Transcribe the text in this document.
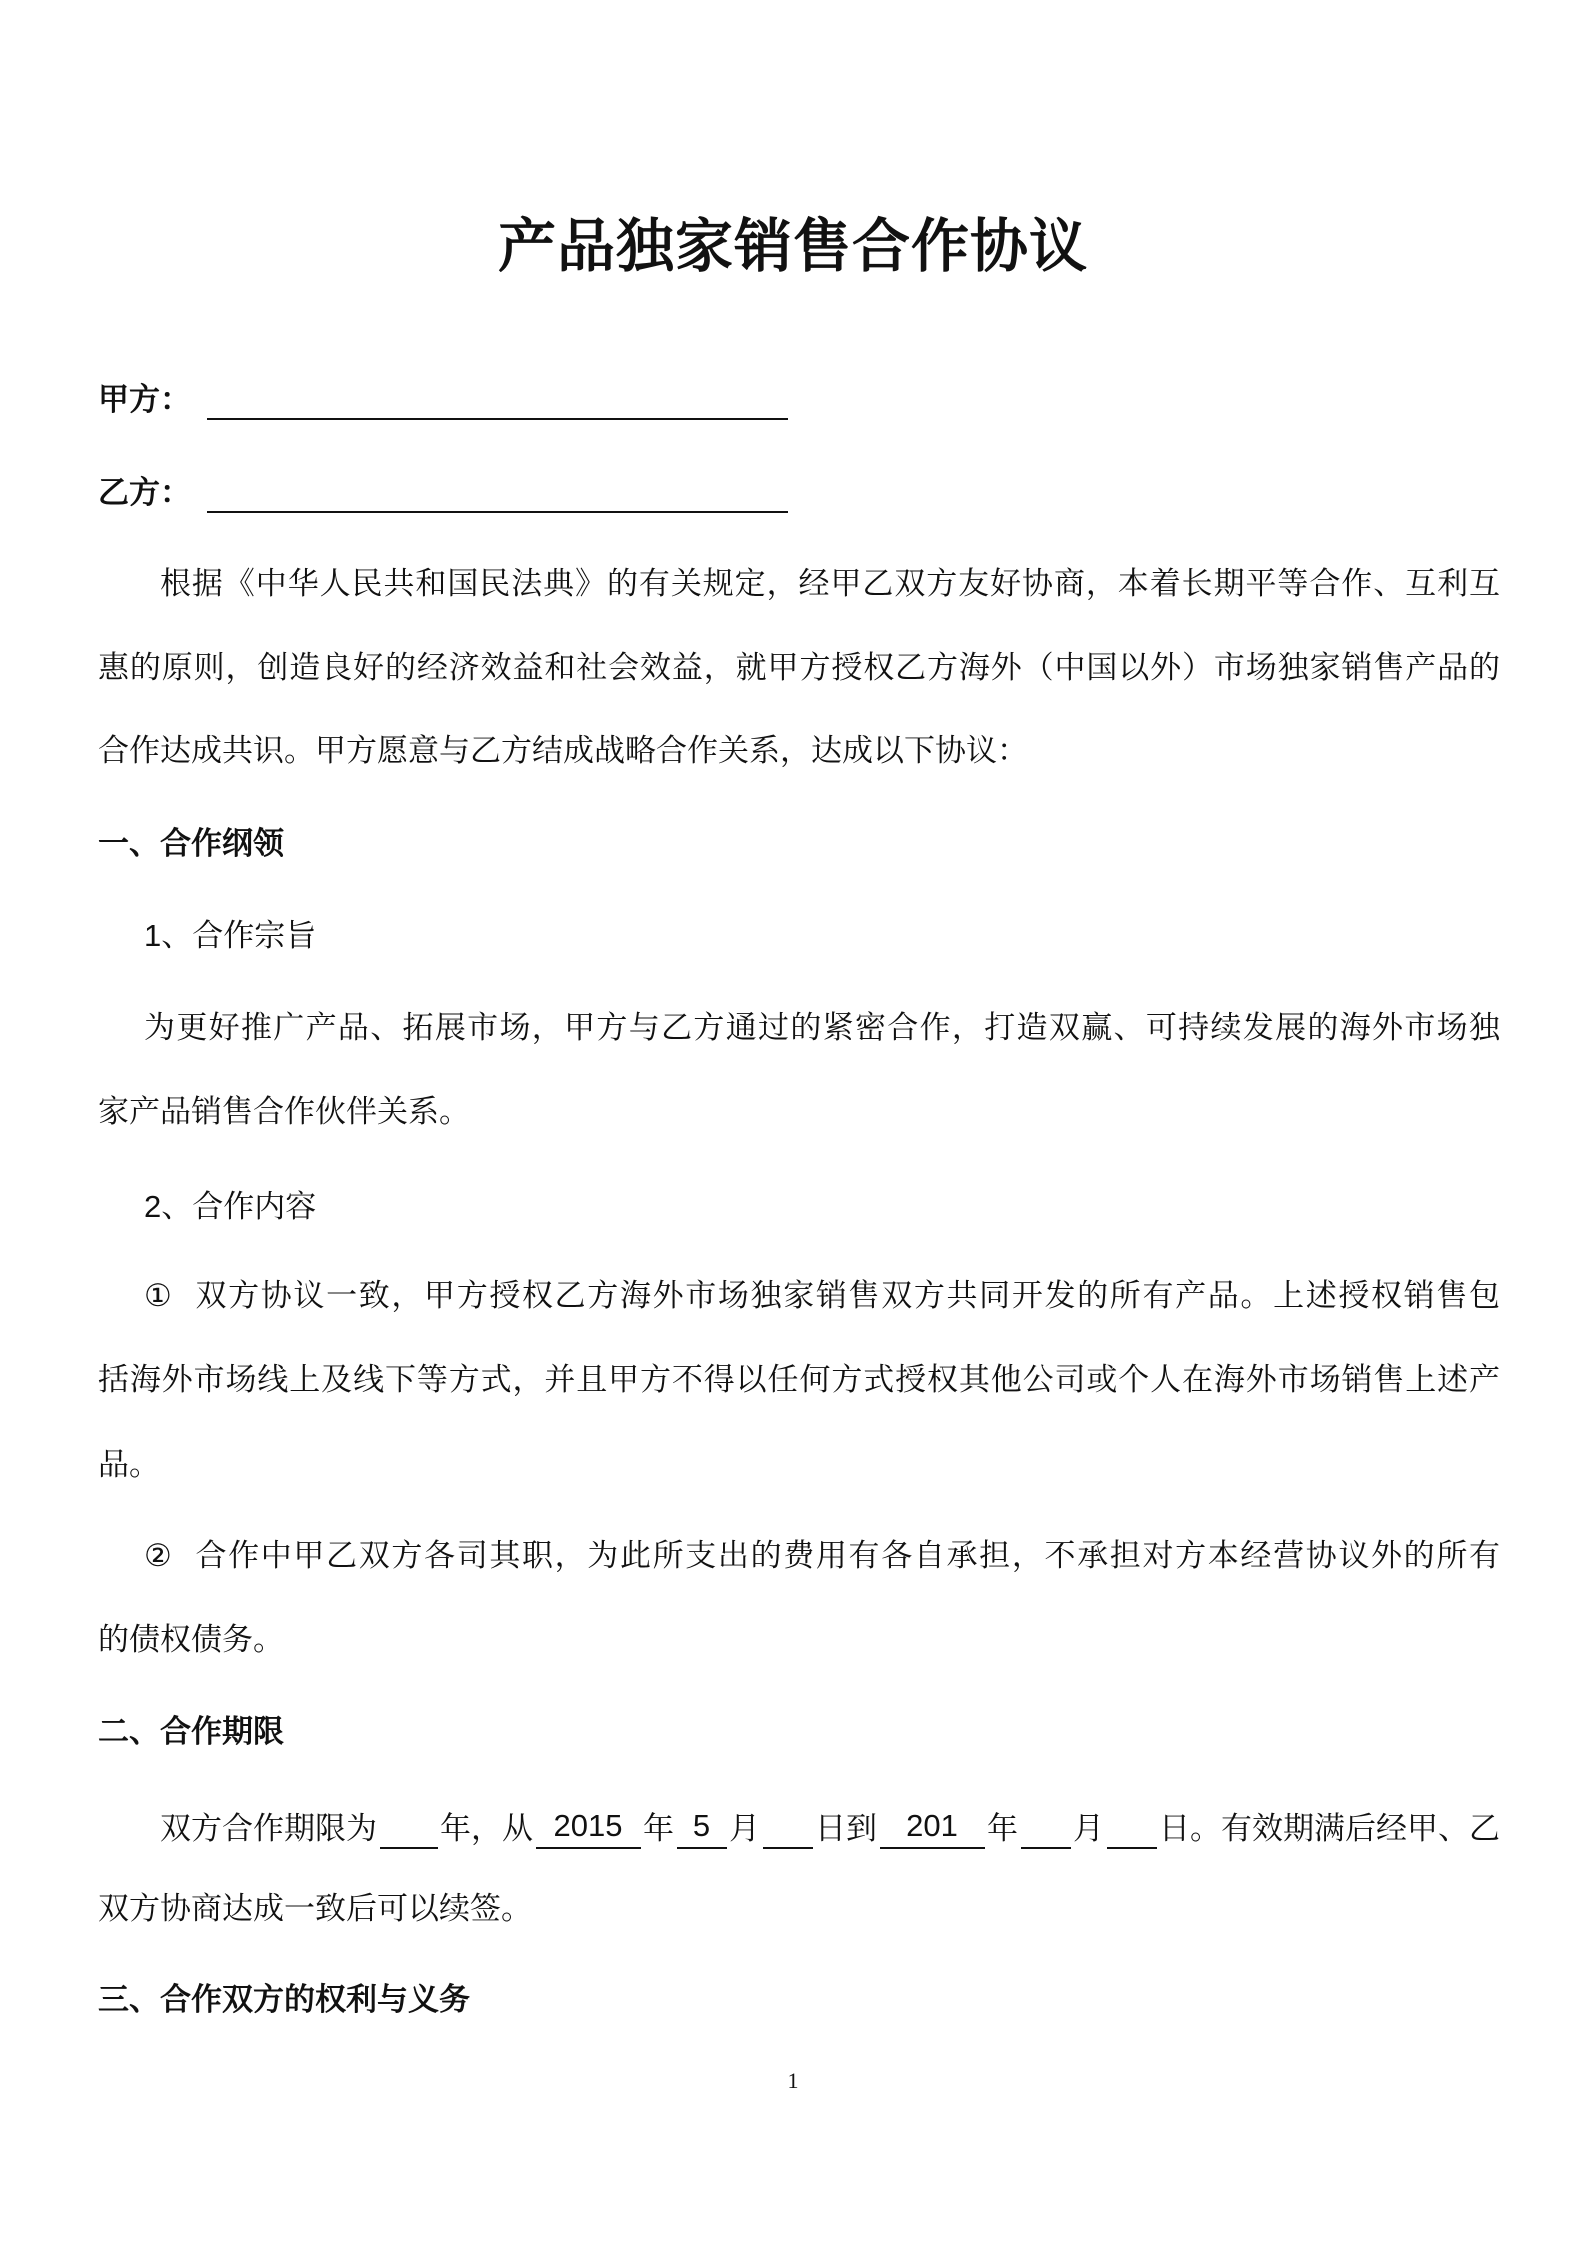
产品独家销售合作协议
甲方：
乙方：
根据《中华人民共和国民法典》的有关规定，经甲乙双方友好协商，本着长期平等合作、互利互
惠的原则，创造良好的经济效益和社会效益，就甲方授权乙方海外（中国以外）市场独家销售产品的
合作达成共识。甲方愿意与乙方结成战略合作关系，达成以下协议：
一、合作纲领
1、合作宗旨
为更好推广产品、拓展市场，甲方与乙方通过的紧密合作，打造双赢、可持续发展的海外市场独
家产品销售合作伙伴关系。
2、合作内容
① 双方协议一致，甲方授权乙方海外市场独家销售双方共同开发的所有产品。上述授权销售包
括海外市场线上及线下等方式，并且甲方不得以任何方式授权其他公司或个人在海外市场销售上述产
品。
② 合作中甲乙双方各司其职，为此所支出的费用有各自承担，不承担对方本经营协议外的所有
的债权债务。
二、合作期限
双方合作期限为 年，从 2015 年 5 月 日到 201 年 月 日。有效期满后经甲、乙
双方协商达成一致后可以续签。
三、合作双方的权利与义务
1
